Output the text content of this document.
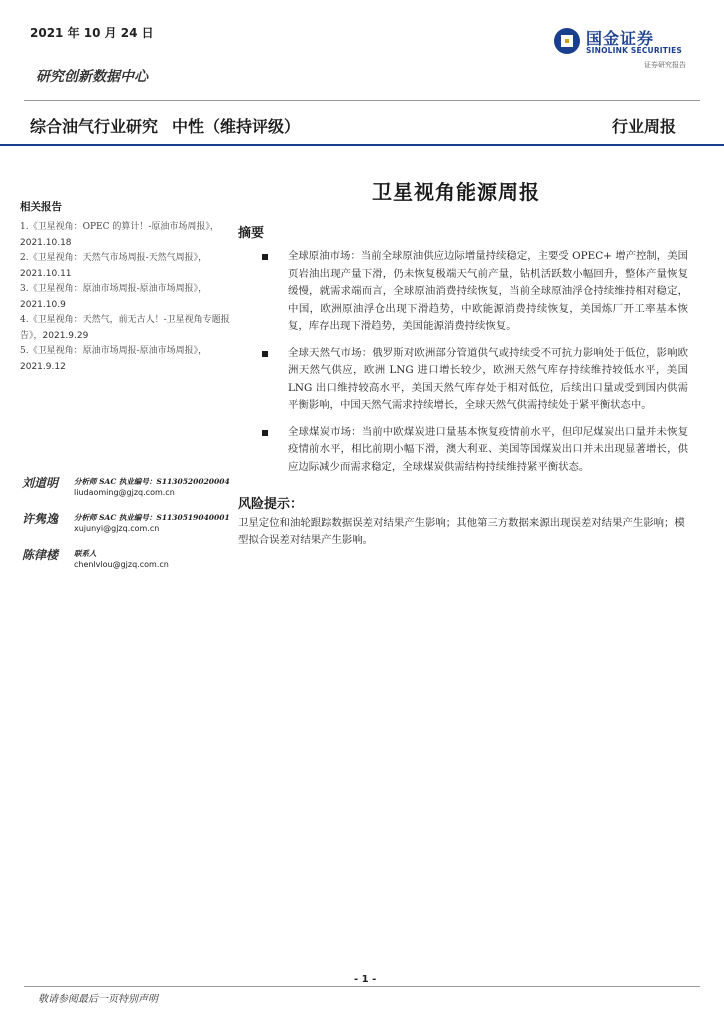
2021 年 10 月 24 日	国金证券
SINOLINK SECURITIES
证券研究报告
研究创新数据中心
综合油气行业研究 中性（维持评级）	行业周报
卫星视角能源周报
相关报告
1.《卫星视角：OPEC 的算计！-原油市场周报》，2021.10.18
2.《卫星视角：天然气市场周报-天然气周报》，2021.10.11
3.《卫星视角：原油市场周报-原油市场周报》，2021.10.9
4.《卫星视角：天然气，前无古人！-卫星视角专题报告》，2021.9.29
5.《卫星视角：原油市场周报-原油市场周报》，2021.9.12
刘道明 分析师 SAC 执业编号：S1130520020004
liudaoming@gjzq.com.cn
许隽逸 分析师 SAC 执业编号：S1130519040001
xujunyi@gjzq.com.cn
陈律楼 联系人
chenlvlou@gjzq.com.cn
摘要

全球原油市场：当前全球原油供应边际增量持续稳定，主要受 OPEC+ 增产控制，美国页岩油出现产量下滑，仍未恢复极端天气前产量，钻机活跃数小幅回升，整体产量恢复缓慢，就需求端而言，全球原油消费持续恢复，当前全球原油浮仓持续维持相对稳定，中国，欧洲原油浮仓出现下滑趋势，中欧能源消费持续恢复，美国炼厂开工率基本恢复，库存出现下滑趋势，美国能源消费持续恢复。

全球天然气市场：俄罗斯对欧洲部分管道供气或持续受不可抗力影响处于低位，影响欧洲天然气供应，欧洲 LNG 进口增长较少，欧洲天然气库存持续维持较低水平，美国 LNG 出口维持较高水平，美国天然气库存处于相对低位，后续出口量或受到国内供需平衡影响，中国天然气需求持续增长，全球天然气供需持续处于紧平衡状态中。

全球煤炭市场：当前中欧煤炭进口量基本恢复疫情前水平，但印尼煤炭出口量并未恢复疫情前水平，相比前期小幅下滑，澳大利亚、美国等国煤炭出口并未出现显著增长，供应边际减少而需求稳定，全球煤炭供需结构持续维持紧平衡状态。

风险提示：

卫星定位和油轮跟踪数据误差对结果产生影响；其他第三方数据来源出现误差对结果产生影响；模型拟合误差对结果产生影响。

- 1 -
敬请参阅最后一页特别声明
